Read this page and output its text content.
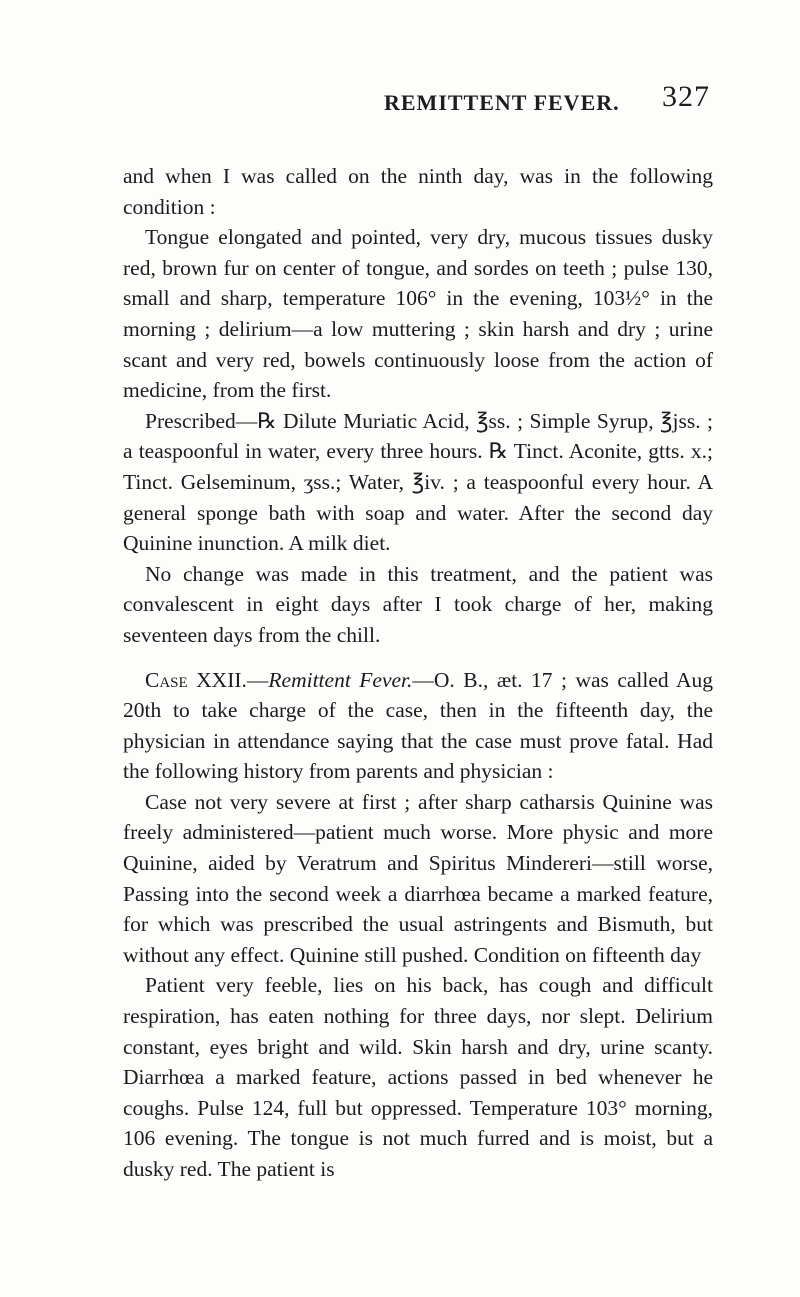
REMITTENT FEVER. 327

and when I was called on the ninth day, was in the following condition :

Tongue elongated and pointed, very dry, mucous tissues dusky red, brown fur on center of tongue, and sordes on teeth ; pulse 130, small and sharp, temperature 106° in the evening, 103½° in the morning ; delirium—a low muttering ; skin harsh and dry ; urine scant and very red, bowels continuously loose from the action of medicine, from the first.

Prescribed—℞ Dilute Muriatic Acid, ℥ss. ; Simple Syrup, ℥jss. ; a teaspoonful in water, every three hours. ℞ Tinct. Aconite, gtts. x.; Tinct. Gelseminum, ʒss.; Water, ℥iv. ; a teaspoonful every hour. A general sponge bath with soap and water. After the second day Quinine inunction. A milk diet.

No change was made in this treatment, and the patient was convalescent in eight days after I took charge of her, making seventeen days from the chill.

Case XXII.—Remittent Fever.—O. B., æt. 17 ; was called Aug 20th to take charge of the case, then in the fifteenth day, the physician in attendance saying that the case must prove fatal. Had the following history from parents and physician :

Case not very severe at first ; after sharp catharsis Quinine was freely administered—patient much worse. More physic and more Quinine, aided by Veratrum and Spiritus Mindereri—still worse, Passing into the second week a diarrhœa became a marked feature, for which was prescribed the usual astringents and Bismuth, but without any effect. Quinine still pushed. Condition on fifteenth day

Patient very feeble, lies on his back, has cough and difficult respiration, has eaten nothing for three days, nor slept. Delirium constant, eyes bright and wild. Skin harsh and dry, urine scanty. Diarrhœa a marked feature, actions passed in bed whenever he coughs. Pulse 124, full but oppressed. Temperature 103° morning, 106 evening. The tongue is not much furred and is moist, but a dusky red. The patient is
